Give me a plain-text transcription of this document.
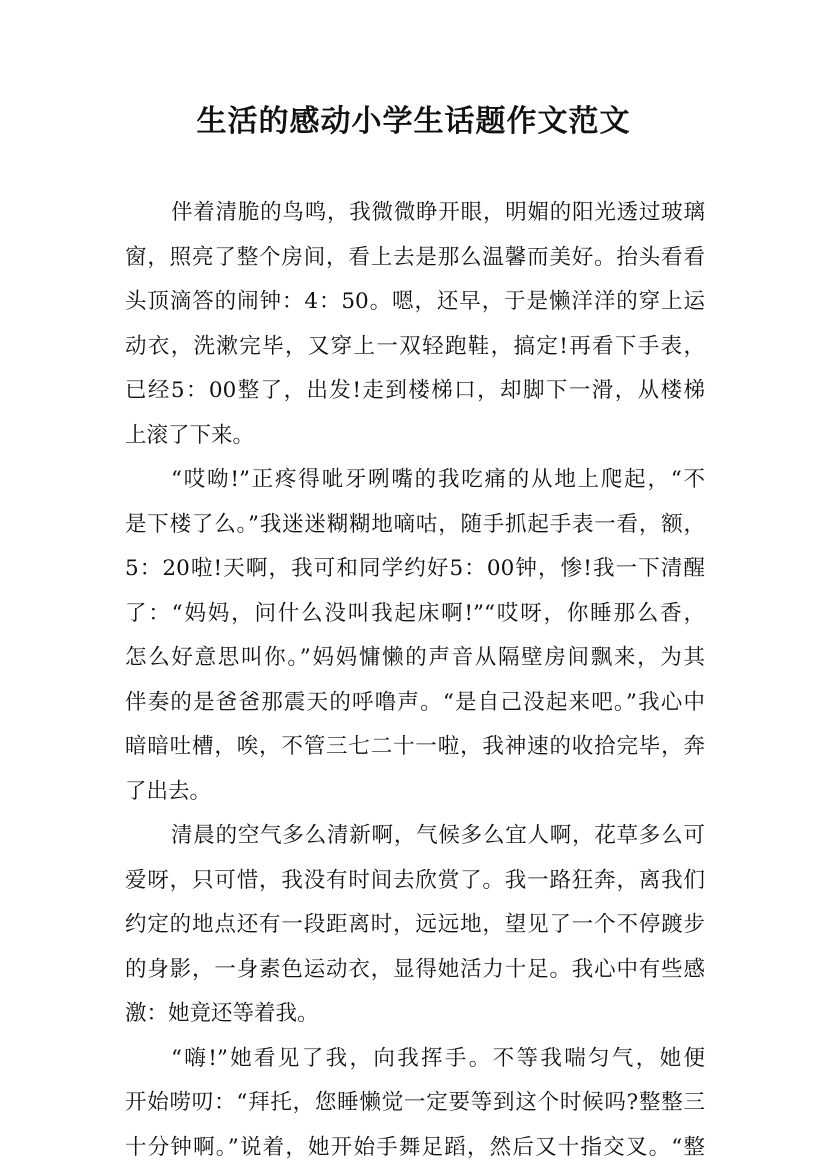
生活的感动小学生话题作文范文
伴着清脆的鸟鸣，我微微睁开眼，明媚的阳光透过玻璃
窗，照亮了整个房间，看上去是那么温馨而美好。抬头看看
头顶滴答的闹钟：4：50。嗯，还早，于是懒洋洋的穿上运
动衣，洗漱完毕，又穿上一双轻跑鞋，搞定!再看下手表，
已经5：00整了，出发!走到楼梯口，却脚下一滑，从楼梯
上滚了下来。
“哎呦!”正疼得呲牙咧嘴的我吃痛的从地上爬起，“不
是下楼了么。”我迷迷糊糊地嘀咕，随手抓起手表一看，额，
5：20啦!天啊，我可和同学约好5：00钟，惨!我一下清醒
了：“妈妈，问什么没叫我起床啊!”“哎呀，你睡那么香，
怎么好意思叫你。”妈妈慵懒的声音从隔壁房间飘来，为其
伴奏的是爸爸那震天的呼噜声。“是自己没起来吧。”我心中
暗暗吐槽，唉，不管三七二十一啦，我神速的收拾完毕，奔
了出去。
清晨的空气多么清新啊，气候多么宜人啊，花草多么可
爱呀，只可惜，我没有时间去欣赏了。我一路狂奔，离我们
约定的地点还有一段距离时，远远地，望见了一个不停踱步
的身影，一身素色运动衣，显得她活力十足。我心中有些感
激：她竟还等着我。
“嗨!”她看见了我，向我挥手。不等我喘匀气，她便
开始唠叨：“拜托，您睡懒觉一定要等到这个时候吗?整整三
十分钟啊。”说着，她开始手舞足蹈，然后又十指交叉。“整
